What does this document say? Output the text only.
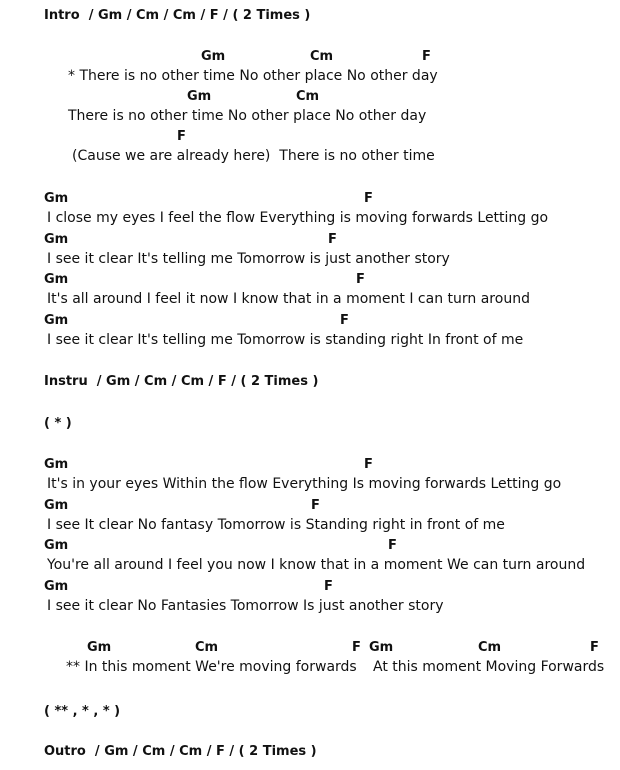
Intro  / Gm / Cm / Cm / F / ( 2 Times )
Gm	Cm	F
* There is no other time No other place No other day
Gm	Cm
There is no other time No other place No other day
F
(Cause we are already here)  There is no other time
Gm	F
I close my eyes I feel the flow Everything is moving forwards Letting go
Gm	F
I see it clear It's telling me Tomorrow is just another story
Gm	F
It's all around I feel it now I know that in a moment I can turn around
Gm	F
I see it clear It's telling me Tomorrow is standing right In front of me
Instru  / Gm / Cm / Cm / F / ( 2 Times )
( * )
Gm	F
It's in your eyes Within the flow Everything Is moving forwards Letting go
Gm	F
I see It clear No fantasy Tomorrow is Standing right in front of me
Gm	F
You're all around I feel you now I know that in a moment We can turn around
Gm	F
I see it clear No Fantasies Tomorrow Is just another story
Gm	Cm	F Gm	Cm	F
** In this moment We're moving forwards At this moment Moving Forwards
( ** , * , * )
Outro  / Gm / Cm / Cm / F / ( 2 Times )
